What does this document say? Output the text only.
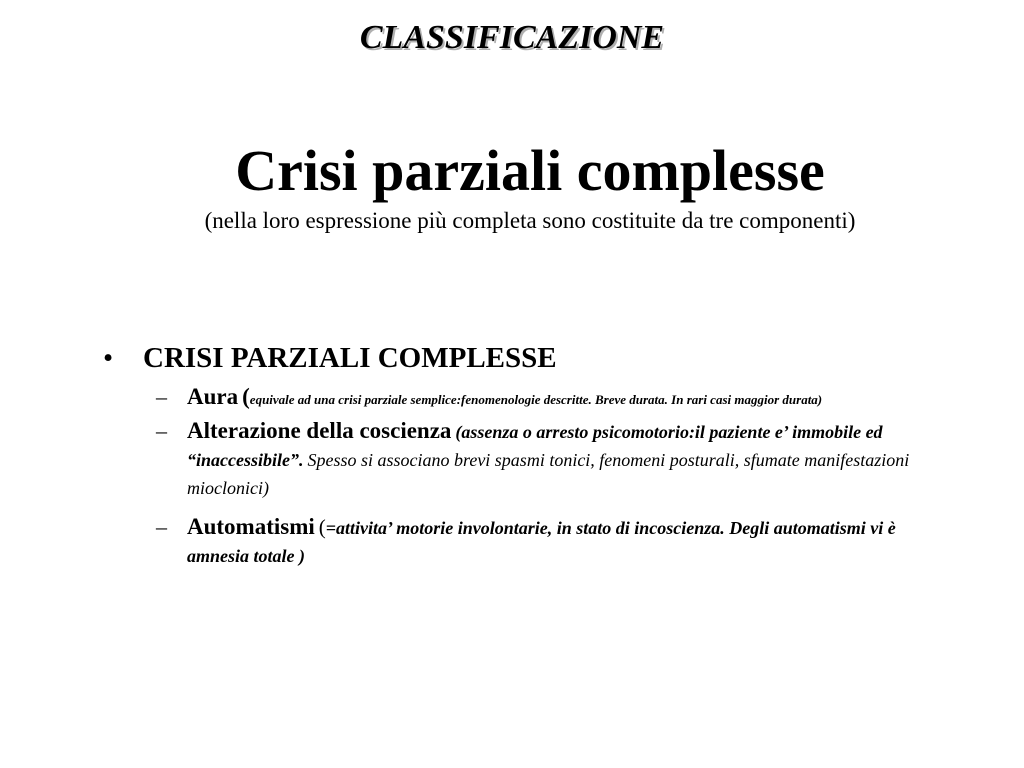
CLASSIFICAZIONE
Crisi parziali complesse
(nella loro espressione più completa sono costituite da tre componenti)
• CRISI PARZIALI COMPLESSE
– Aura (equivale ad una crisi parziale semplice:fenomenologie descritte. Breve durata. In rari casi maggior durata)
– Alterazione della coscienza (assenza o arresto psicomotorio:il paziente e’ immobile ed “inaccessibile”. Spesso si associano brevi spasmi tonici, fenomeni posturali, sfumate manifestazioni mioclonici)
– Automatismi (=attivita’ motorie involontarie, in stato di incoscienza. Degli automatismi vi è amnesia totale )
